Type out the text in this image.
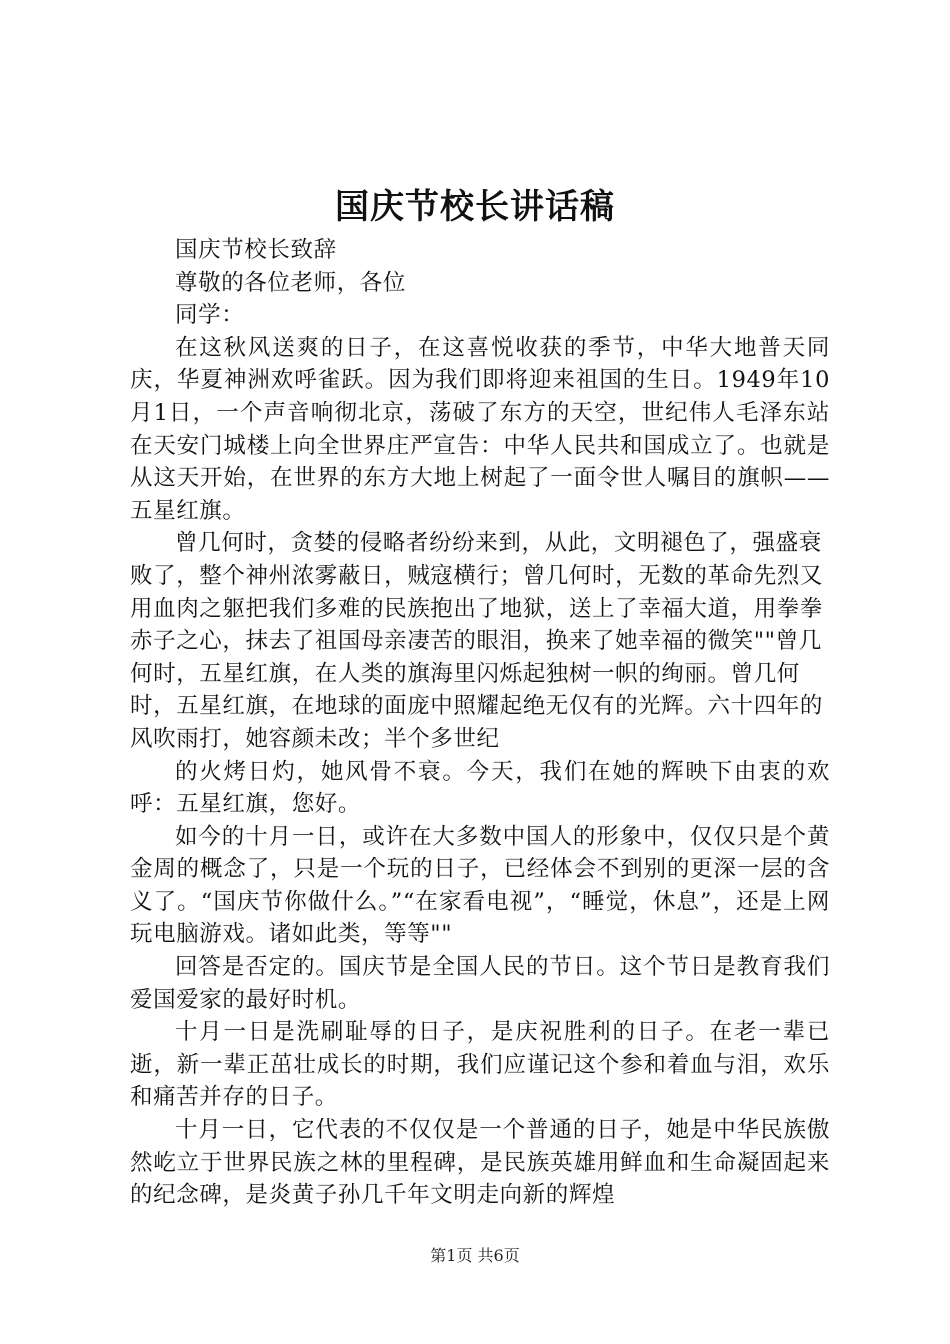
国庆节校长讲话稿

国庆节校长致辞

尊敬的各位老师，各位

同学：

在这秋风送爽的日子，在这喜悦收获的季节，中华大地普天同庆，华夏神洲欢呼雀跃。因为我们即将迎来祖国的生日。1949年10月1日，一个声音响彻北京，荡破了东方的天空，世纪伟人毛泽东站在天安门城楼上向全世界庄严宣告：中华人民共和国成立了。也就是从这天开始，在世界的东方大地上树起了一面令世人嘱目的旗帜——五星红旗。

曾几何时，贪婪的侵略者纷纷来到，从此，文明褪色了，强盛衰败了，整个神州浓雾蔽日，贼寇横行；曾几何时，无数的革命先烈又用血肉之躯把我们多难的民族抱出了地狱，送上了幸福大道，用拳拳赤子之心，抹去了祖国母亲凄苦的眼泪，换来了她幸福的微笑""曾几何时，五星红旗，在人类的旗海里闪烁起独树一帜的绚丽。曾几何时，五星红旗，在地球的面庞中照耀起绝无仅有的光辉。六十四年的风吹雨打，她容颜未改；半个多世纪

的火烤日灼，她风骨不衰。今天，我们在她的辉映下由衷的欢呼：五星红旗，您好。

如今的十月一日，或许在大多数中国人的形象中，仅仅只是个黄金周的概念了，只是一个玩的日子，已经体会不到别的更深一层的含义了。“国庆节你做什么。”“在家看电视”，“睡觉，休息”，还是上网玩电脑游戏。诸如此类，等等""

回答是否定的。国庆节是全国人民的节日。这个节日是教育我们爱国爱家的最好时机。

十月一日是洗刷耻辱的日子，是庆祝胜利的日子。在老一辈已逝，新一辈正茁壮成长的时期，我们应谨记这个参和着血与泪，欢乐和痛苦并存的日子。

十月一日，它代表的不仅仅是一个普通的日子，她是中华民族傲然屹立于世界民族之林的里程碑，是民族英雄用鲜血和生命凝固起来的纪念碑，是炎黄子孙几千年文明走向新的辉煌

第1页 共6页
